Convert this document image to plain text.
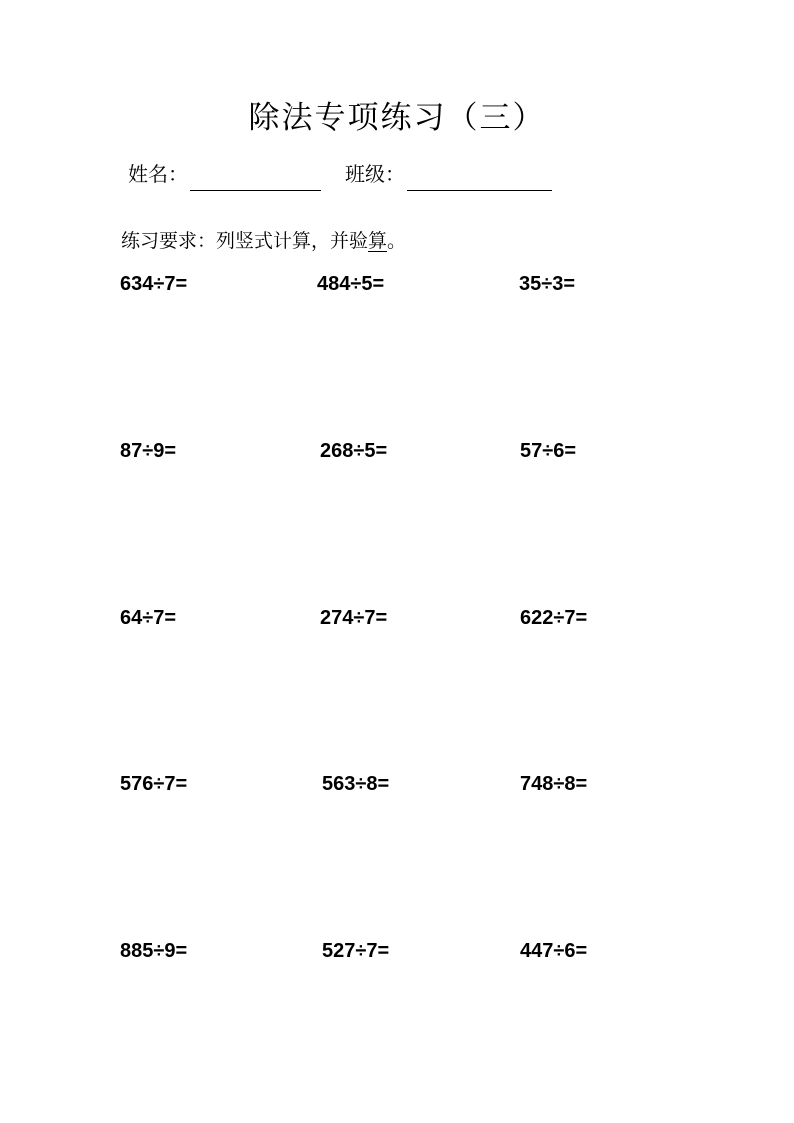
除法专项练习（三）
姓名：	班级：
练习要求：列竖式计算，并验算。
634÷7=	484÷5=	35÷3=
87÷9=	268÷5=	57÷6=
64÷7=	274÷7=	622÷7=
576÷7=	563÷8=	748÷8=
885÷9=	527÷7=	447÷6=
